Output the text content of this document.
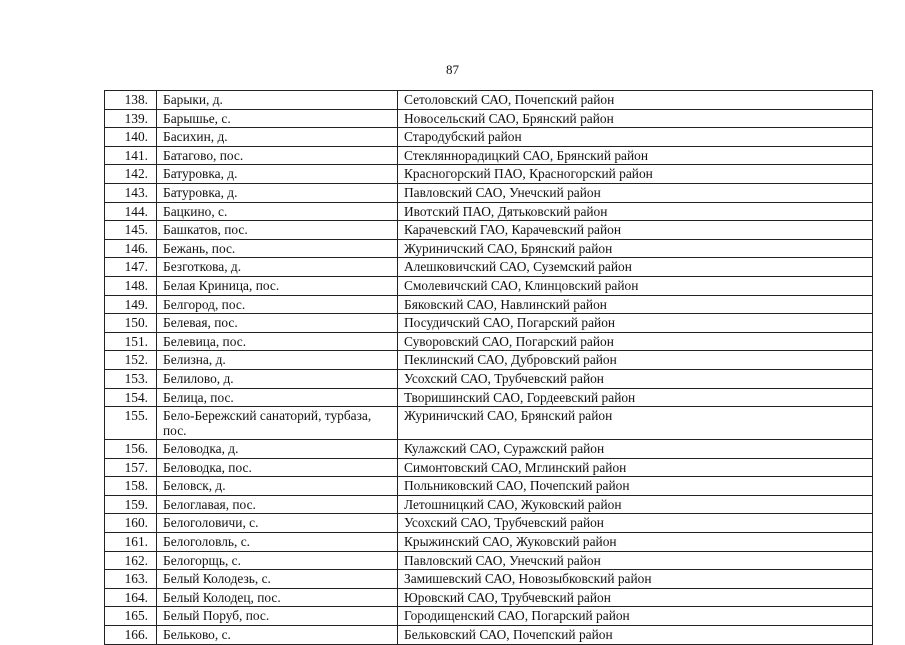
87
138.	Барыки, д.	Сетоловский САО, Почепский район
139.	Барышье, с.	Новосельский САО, Брянский район
140.	Басихин, д.	Стародубский район
141.	Батагово, пос.	Стекляннорадицкий САО, Брянский район
142.	Батуровка, д.	Красногорский ПАО, Красногорский район
143.	Батуровка, д.	Павловский САО, Унечский район
144.	Бацкино, с.	Ивотский ПАО, Дятьковский район
145.	Башкатов, пос.	Карачевский ГАО, Карачевский район
146.	Бежань, пос.	Журиничский САО, Брянский район
147.	Безготкова, д.	Алешковичский САО, Суземский район
148.	Белая Криница, пос.	Смолевичский САО, Клинцовский район
149.	Белгород, пос.	Бяковский САО, Навлинский район
150.	Белевая, пос.	Посудичский САО, Погарский район
151.	Белевица, пос.	Суворовский САО, Погарский район
152.	Белизна, д.	Пеклинский САО, Дубровский район
153.	Белилово, д.	Усохский САО, Трубчевский район
154.	Белица, пос.	Творишинский САО, Гордеевский район
155.	Бело-Бережский санаторий, турбаза, пос.	Журиничский САО, Брянский район
156.	Беловодка, д.	Кулажский САО, Суражский район
157.	Беловодка, пос.	Симонтовский САО, Мглинский район
158.	Беловск, д.	Польниковский САО, Почепский район
159.	Белоглавая, пос.	Летошницкий САО, Жуковский район
160.	Белоголовичи, с.	Усохский САО, Трубчевский район
161.	Белоголовль, с.	Крыжинский САО, Жуковский район
162.	Белогорщь, с.	Павловский САО, Унечский район
163.	Белый Колодезь, с.	Замишевский САО, Новозыбковский район
164.	Белый Колодец, пос.	Юровский САО, Трубчевский район
165.	Белый Поруб, пос.	Городищенский САО, Погарский район
166.	Бельково, с.	Бельковский САО, Почепский район
